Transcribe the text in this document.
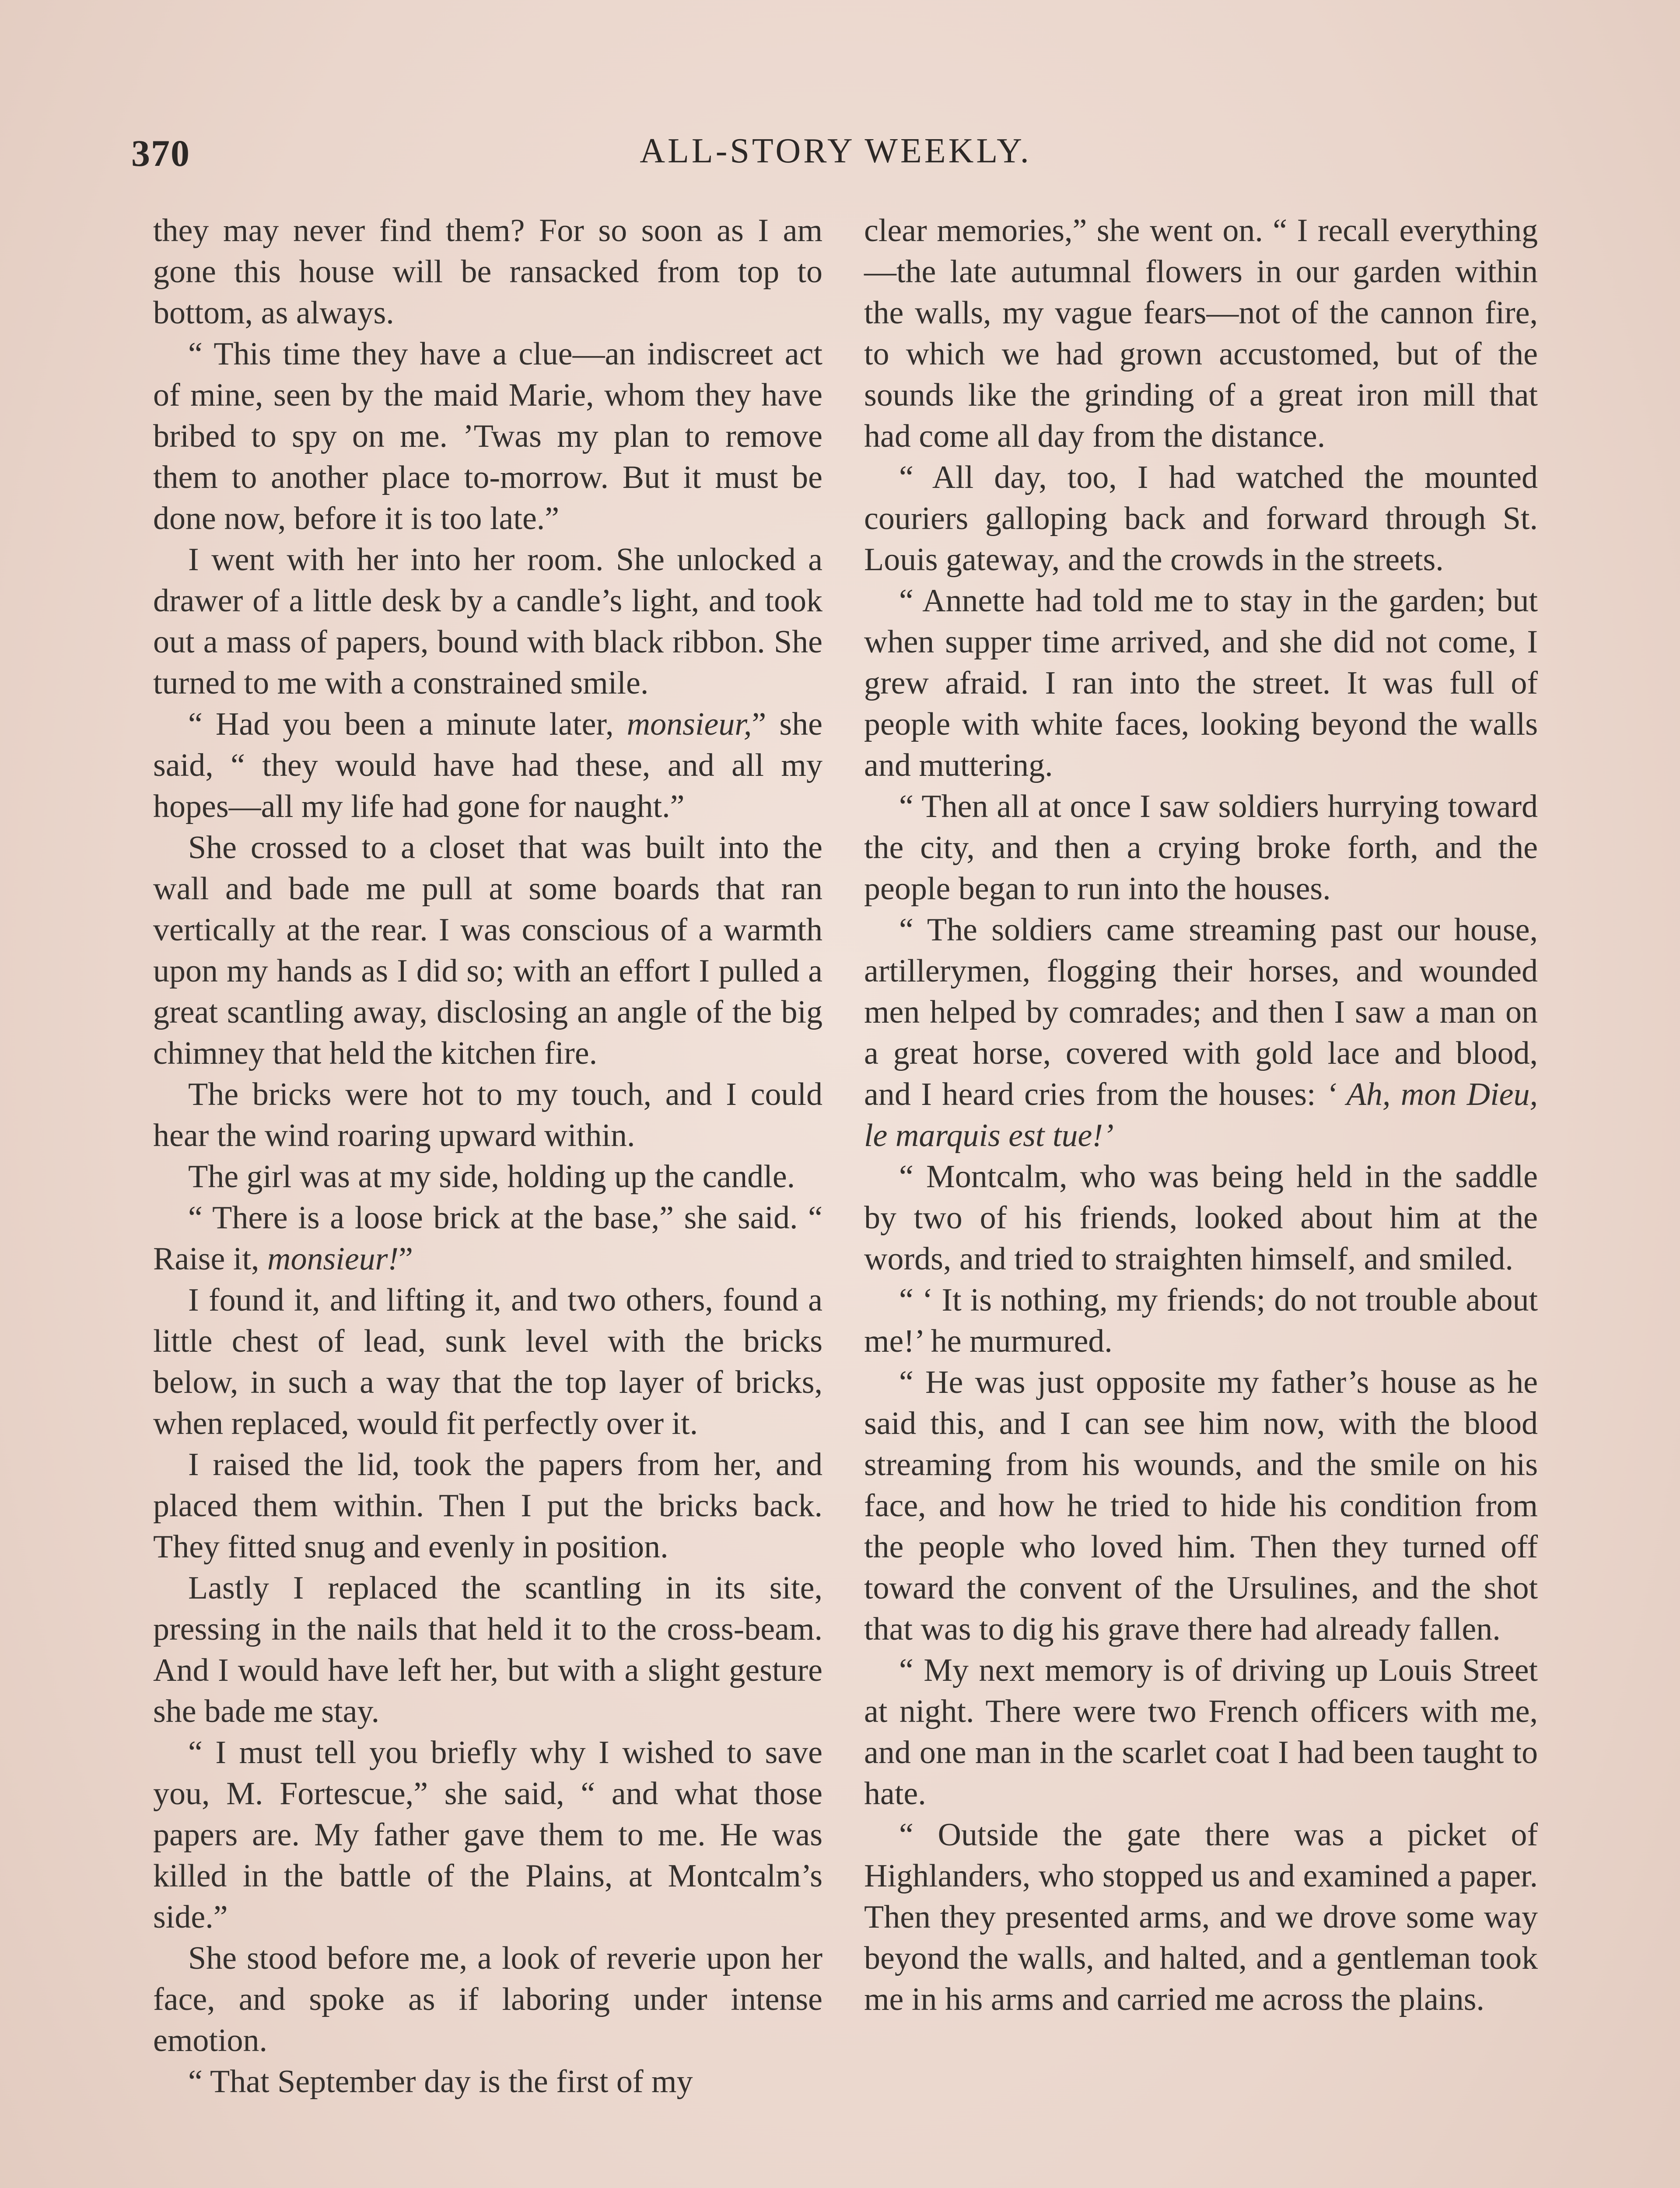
370	ALL-STORY WEEKLY.

they may never find them? For so soon as I am gone this house will be ransacked from top to bottom, as always.

“ This time they have a clue—an indiscreet act of mine, seen by the maid Marie, whom they have bribed to spy on me. ’Twas my plan to remove them to another place to-morrow. But it must be done now, before it is too late.”

I went with her into her room. She unlocked a drawer of a little desk by a candle’s light, and took out a mass of papers, bound with black ribbon. She turned to me with a constrained smile.

“ Had you been a minute later, monsieur,” she said, “ they would have had these, and all my hopes—all my life had gone for naught.”

She crossed to a closet that was built into the wall and bade me pull at some boards that ran vertically at the rear. I was conscious of a warmth upon my hands as I did so; with an effort I pulled a great scantling away, disclosing an angle of the big chimney that held the kitchen fire.

The bricks were hot to my touch, and I could hear the wind roaring upward within.

The girl was at my side, holding up the candle.

“ There is a loose brick at the base,” she said. “ Raise it, monsieur!”

I found it, and lifting it, and two others, found a little chest of lead, sunk level with the bricks below, in such a way that the top layer of bricks, when replaced, would fit perfectly over it.

I raised the lid, took the papers from her, and placed them within. Then I put the bricks back. They fitted snug and evenly in position.

Lastly I replaced the scantling in its site, pressing in the nails that held it to the cross-beam. And I would have left her, but with a slight gesture she bade me stay.

“ I must tell you briefly why I wished to save you, M. Fortescue,” she said, “ and what those papers are. My father gave them to me. He was killed in the battle of the Plains, at Montcalm’s side.”

She stood before me, a look of reverie upon her face, and spoke as if laboring under intense emotion.

“ That September day is the first of my

clear memories,” she went on. “ I recall everything—the late autumnal flowers in our garden within the walls, my vague fears—not of the cannon fire, to which we had grown accustomed, but of the sounds like the grinding of a great iron mill that had come all day from the distance.

“ All day, too, I had watched the mounted couriers galloping back and forward through St. Louis gateway, and the crowds in the streets.

“ Annette had told me to stay in the garden; but when supper time arrived, and she did not come, I grew afraid. I ran into the street. It was full of people with white faces, looking beyond the walls and muttering.

“ Then all at once I saw soldiers hurrying toward the city, and then a crying broke forth, and the people began to run into the houses.

“ The soldiers came streaming past our house, artillerymen, flogging their horses, and wounded men helped by comrades; and then I saw a man on a great horse, covered with gold lace and blood, and I heard cries from the houses: ‘ Ah, mon Dieu, le marquis est tue!’

“ Montcalm, who was being held in the saddle by two of his friends, looked about him at the words, and tried to straighten himself, and smiled.

“ ‘ It is nothing, my friends; do not trouble about me!’ he murmured.

“ He was just opposite my father’s house as he said this, and I can see him now, with the blood streaming from his wounds, and the smile on his face, and how he tried to hide his condition from the people who loved him. Then they turned off toward the convent of the Ursulines, and the shot that was to dig his grave there had already fallen.

“ My next memory is of driving up Louis Street at night. There were two French officers with me, and one man in the scarlet coat I had been taught to hate.

“ Outside the gate there was a picket of Highlanders, who stopped us and examined a paper. Then they presented arms, and we drove some way beyond the walls, and halted, and a gentleman took me in his arms and carried me across the plains.
